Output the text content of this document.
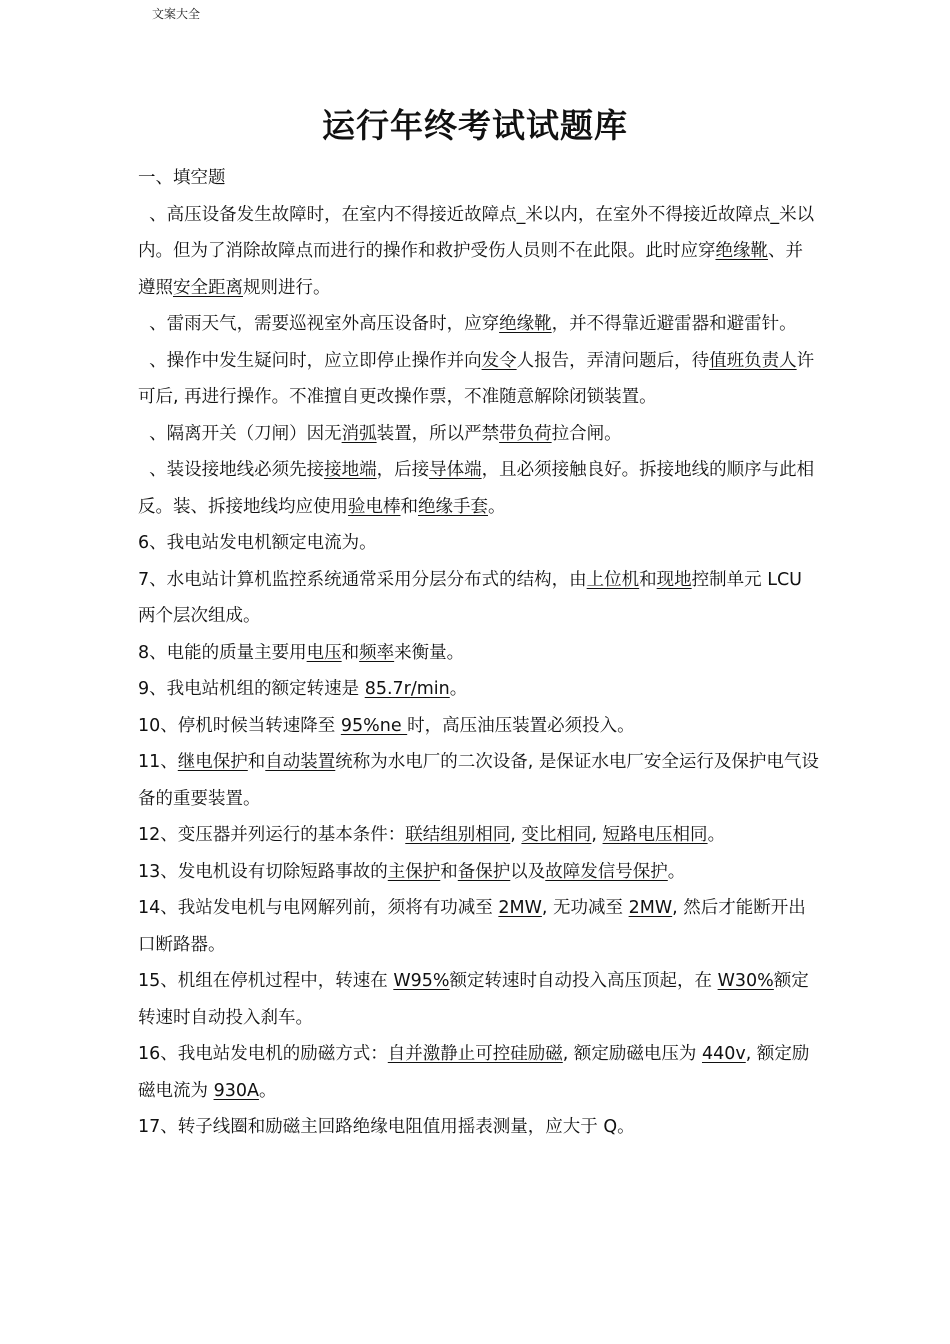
文案大全
运行年终考试试题库

一、填空题

、高压设备发生故障时，在室内不得接近故障点_米以内，在室外不得接近故障点_米以内。但为了消除故障点而进行的操作和救护受伤人员则不在此限。此时应穿绝缘靴、并遵照安全距离规则进行。

、雷雨天气，需要巡视室外高压设备时，应穿绝缘靴，并不得靠近避雷器和避雷针。

、操作中发生疑问时，应立即停止操作并向发令人报告，弄清问题后，待值班负责人许可后, 再进行操作。不准擅自更改操作票，不准随意解除闭锁装置。

、隔离开关（刀闸）因无消弧装置，所以严禁带负荷拉合闸。

、装设接地线必须先接接地端，后接导体端，且必须接触良好。拆接地线的顺序与此相反。装、拆接地线均应使用验电棒和绝缘手套。

6、我电站发电机额定电流为。

7、水电站计算机监控系统通常采用分层分布式的结构，由上位机和现地控制单元 LCU 两个层次组成。

8、电能的质量主要用电压和频率来衡量。

9、我电站机组的额定转速是 85.7r/min。

10、停机时候当转速降至 95%ne 时，高压油压装置必须投入。

11、继电保护和自动装置统称为水电厂的二次设备, 是保证水电厂安全运行及保护电气设备的重要装置。

12、变压器并列运行的基本条件：联结组别相同, 变比相同, 短路电压相同。

13、发电机设有切除短路事故的主保护和备保护以及故障发信号保护。

14、我站发电机与电网解列前，须将有功减至 2MW, 无功减至 2MW, 然后才能断开出口断路器。

15、机组在停机过程中，转速在 W95%额定转速时自动投入高压顶起，在 W30%额定转速时自动投入刹车。

16、我电站发电机的励磁方式：自并激静止可控硅励磁, 额定励磁电压为 440v, 额定励磁电流为 930A。

17、转子线圈和励磁主回路绝缘电阻值用摇表测量，应大于 Q。
